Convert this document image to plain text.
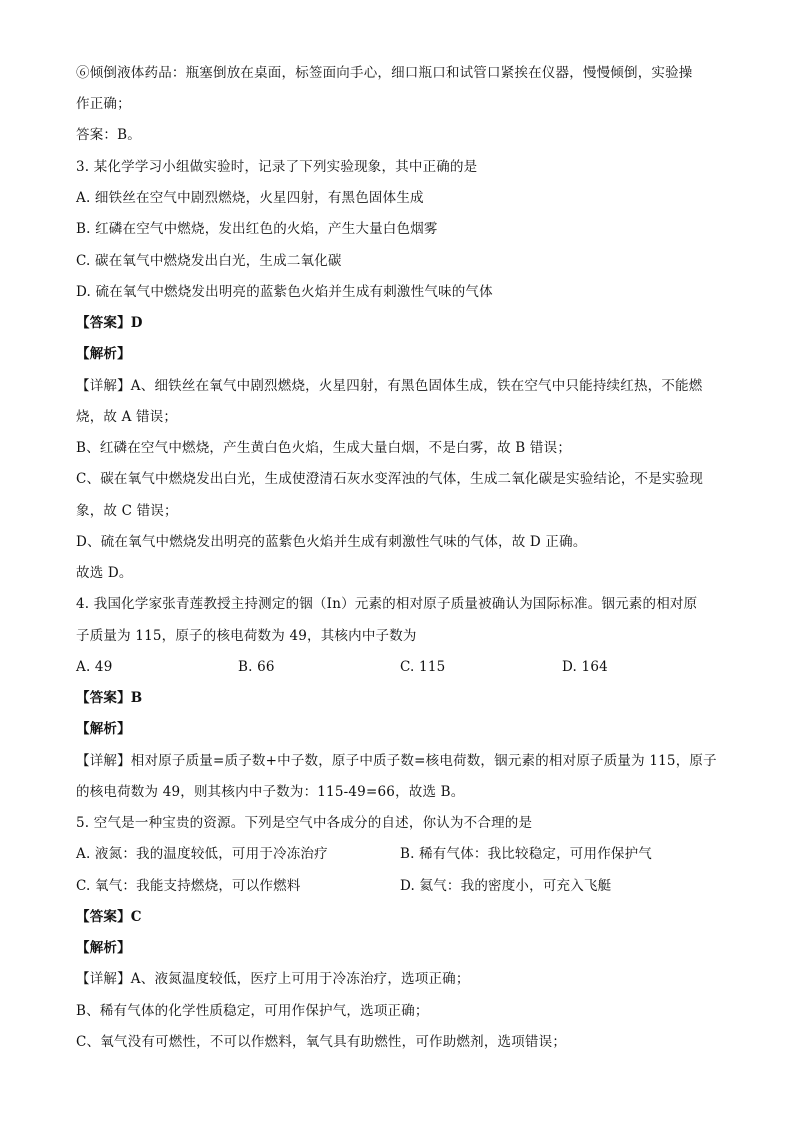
⑥倾倒液体药品：瓶塞倒放在桌面，标签面向手心，细口瓶口和试管口紧挨在仪器，慢慢倾倒，实验操
作正确；
答案：B。
3. 某化学学习小组做实验时，记录了下列实验现象，其中正确的是
A. 细铁丝在空气中剧烈燃烧，火星四射，有黑色固体生成
B. 红磷在空气中燃烧，发出红色的火焰，产生大量白色烟雾
C. 碳在氧气中燃烧发出白光，生成二氧化碳
D. 硫在氧气中燃烧发出明亮的蓝紫色火焰并生成有刺激性气味的气体
【答案】D
【解析】
【详解】A、细铁丝在氧气中剧烈燃烧，火星四射，有黑色固体生成，铁在空气中只能持续红热，不能燃
烧，故 A 错误；
B、红磷在空气中燃烧，产生黄白色火焰，生成大量白烟，不是白雾，故 B 错误；
C、碳在氧气中燃烧发出白光，生成使澄清石灰水变浑浊的气体，生成二氧化碳是实验结论，不是实验现
象，故 C 错误；
D、硫在氧气中燃烧发出明亮的蓝紫色火焰并生成有刺激性气味的气体，故 D 正确。
故选 D。
4. 我国化学家张青莲教授主持测定的铟（In）元素的相对原子质量被确认为国际标准。铟元素的相对原
子质量为 115，原子的核电荷数为 49，其核内中子数为
A. 49	B. 66	C. 115	D. 164
【答案】B
【解析】
【详解】相对原子质量=质子数+中子数，原子中质子数=核电荷数，铟元素的相对原子质量为 115，原子
的核电荷数为 49，则其核内中子数为：115-49=66，故选 B。
5. 空气是一种宝贵的资源。下列是空气中各成分的自述，你认为不合理的是
A. 液氮：我的温度较低，可用于冷冻治疗	B. 稀有气体：我比较稳定，可用作保护气
C. 氧气：我能支持燃烧，可以作燃料	D. 氦气：我的密度小，可充入飞艇
【答案】C
【解析】
【详解】A、液氮温度较低，医疗上可用于冷冻治疗，选项正确；
B、稀有气体的化学性质稳定，可用作保护气，选项正确；
C、氧气没有可燃性，不可以作燃料，氧气具有助燃性，可作助燃剂，选项错误；
